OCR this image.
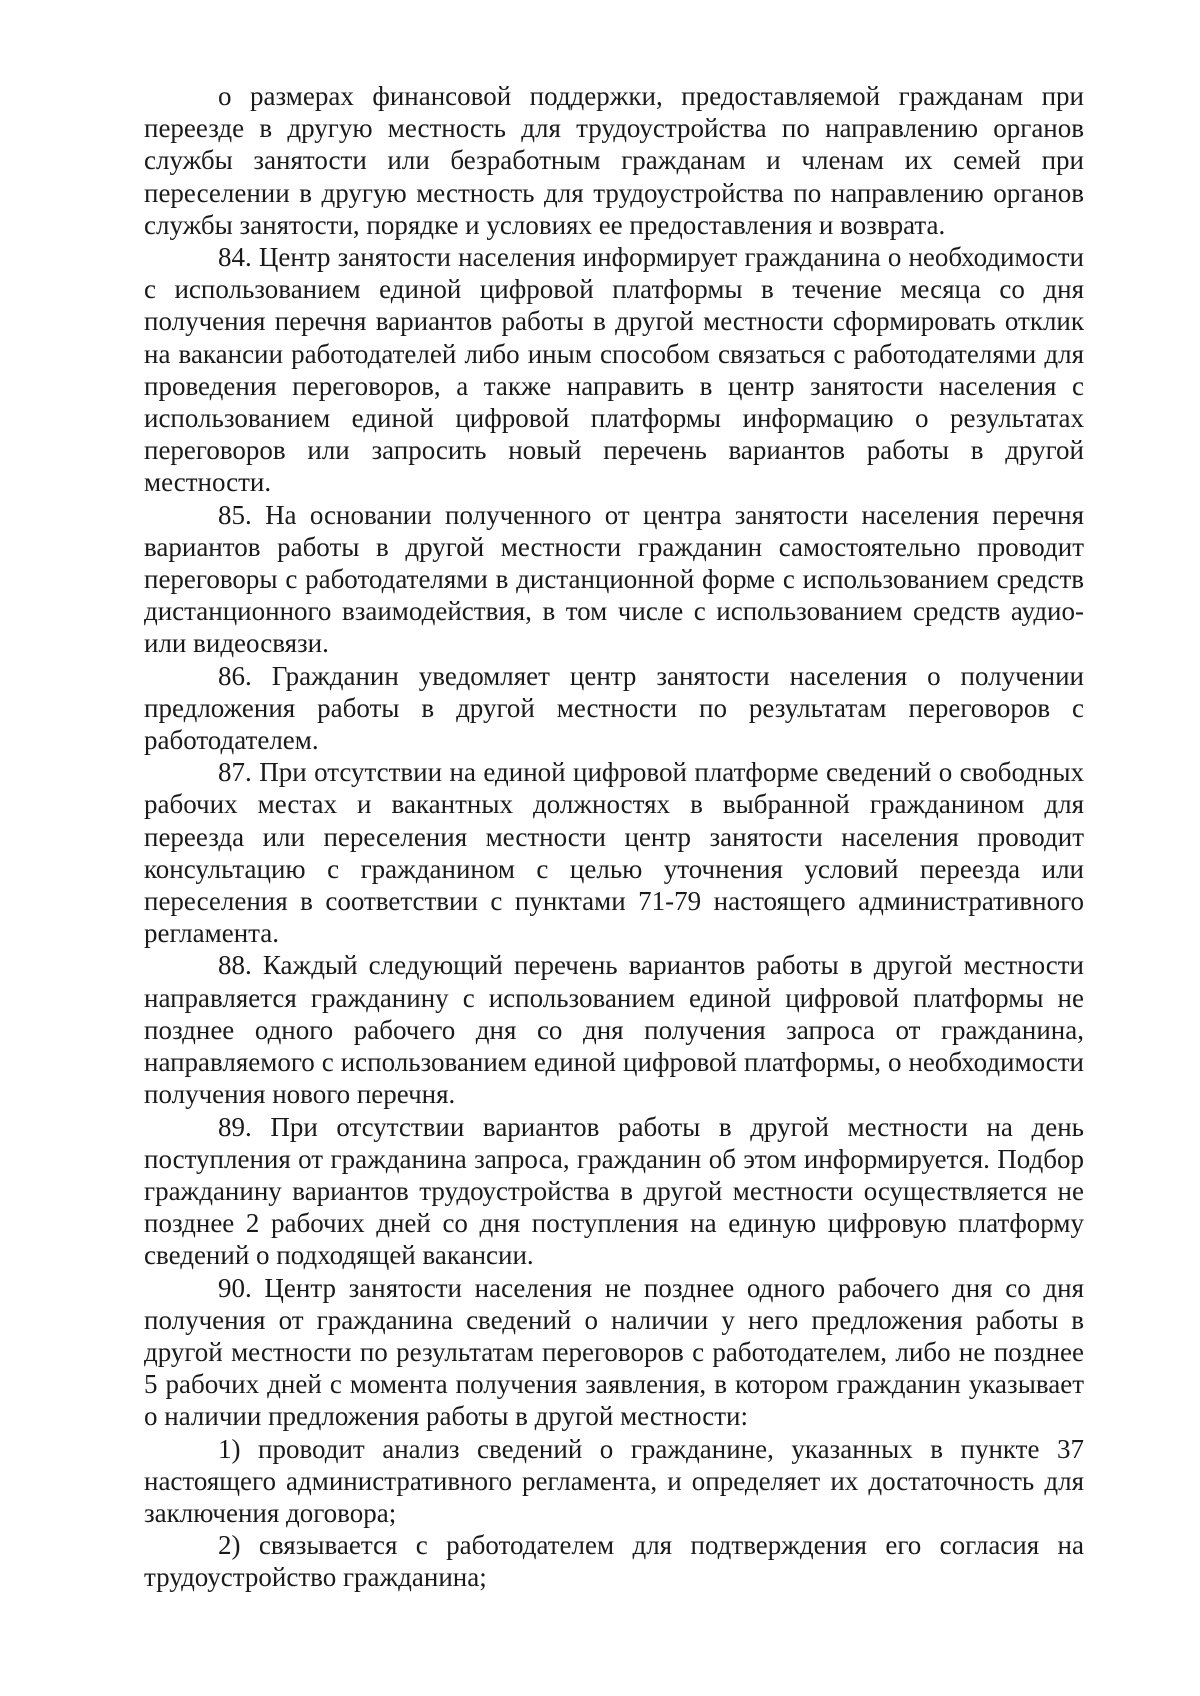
о размерах финансовой поддержки, предоставляемой гражданам при переезде в другую местность для трудоустройства по направлению органов службы занятости или безработным гражданам и членам их семей при переселении в другую местность для трудоустройства по направлению органов службы занятости, порядке и условиях ее предоставления и возврата.

84. Центр занятости населения информирует гражданина о необходимости с использованием единой цифровой платформы в течение месяца со дня получения перечня вариантов работы в другой местности сформировать отклик на вакансии работодателей либо иным способом связаться с работодателями для проведения переговоров, а также направить в центр занятости населения с использованием единой цифровой платформы информацию о результатах переговоров или запросить новый перечень вариантов работы в другой местности.

85. На основании полученного от центра занятости населения перечня вариантов работы в другой местности гражданин самостоятельно проводит переговоры с работодателями в дистанционной форме с использованием средств дистанционного взаимодействия, в том числе с использованием средств аудио- или видеосвязи.

86. Гражданин уведомляет центр занятости населения о получении предложения работы в другой местности по результатам переговоров с работодателем.

87. При отсутствии на единой цифровой платформе сведений о свободных рабочих местах и вакантных должностях в выбранной гражданином для переезда или переселения местности центр занятости населения проводит консультацию с гражданином с целью уточнения условий переезда или переселения в соответствии с пунктами 71-79 настоящего административного регламента.

88. Каждый следующий перечень вариантов работы в другой местности направляется гражданину с использованием единой цифровой платформы не позднее одного рабочего дня со дня получения запроса от гражданина, направляемого с использованием единой цифровой платформы, о необходимости получения нового перечня.

89. При отсутствии вариантов работы в другой местности на день поступления от гражданина запроса, гражданин об этом информируется. Подбор гражданину вариантов трудоустройства в другой местности осуществляется не позднее 2 рабочих дней со дня поступления на единую цифровую платформу сведений о подходящей вакансии.

90. Центр занятости населения не позднее одного рабочего дня со дня получения от гражданина сведений о наличии у него предложения работы в другой местности по результатам переговоров с работодателем, либо не позднее 5 рабочих дней с момента получения заявления, в котором гражданин указывает о наличии предложения работы в другой местности:

1) проводит анализ сведений о гражданине, указанных в пункте 37 настоящего административного регламента, и определяет их достаточность для заключения договора;

2) связывается с работодателем для подтверждения его согласия на трудоустройство гражданина;
